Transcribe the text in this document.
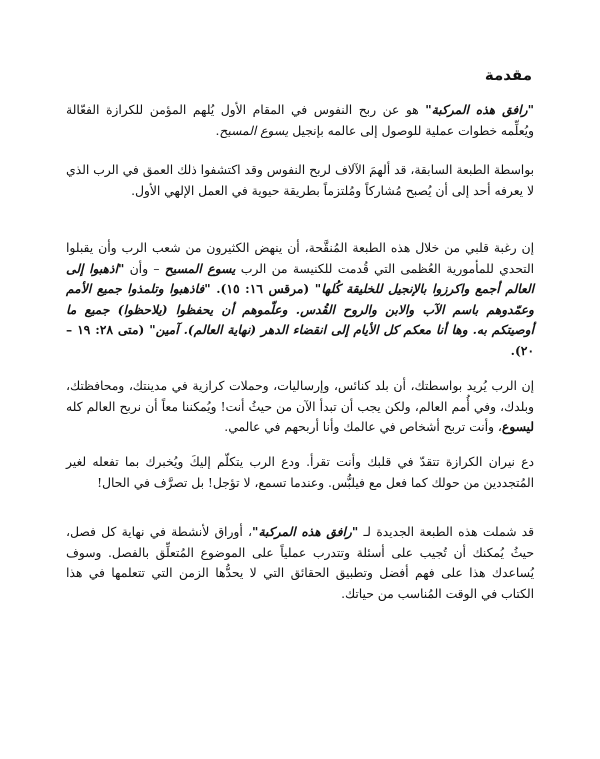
مقدمة

"رافق هذه المركبة" هو عن ربح النفوس في المقام الأول يُلهم المؤمن للكرازة الفعّالة ويُعلِّمه خطوات عملية للوصول إلى عالمه بإنجيل يسوع المسيح.

بواسطة الطبعة السابقة، قد ألهمَ الآلاف لربح النفوس وقد اكتشفوا ذلك العمق في الرب الذي لا يعرفه أحد إلى أن يُصبح مُشاركاً ومُلتزماً بطريقة حيوية في العمل الإلهي الأول.

إن رغبة قلبي من خلال هذه الطبعة المُنقَّحة، أن ينهض الكثيرون من شعب الرب وأن يقبلوا التحدي للمأمورية العُظمى التي قُدمت للكنيسة من الرب يسوع المسيح – وأن "اذهبوا إلى العالم أجمع واكرزوا بالإنجيل للخليقة كُلها" (مرقس ١٦: ١٥). "فاذهبوا وتلمذوا جميع الأمم وعمّدوهم باسم الآب والابن والروح القُدس. وعلّموهم أن يحفظوا (يلاحظوا) جميع ما أوصيتكم به. وها أنا معكم كل الأيام إلى انقضاء الدهر (نهاية العالم). آمين" (متى ٢٨: ١٩ – ٢٠).

إن الرب يُريد بواسطتك، أن بلد كنائس، وإرساليات، وحملات كرازية في مدينتك، ومحافظتك، وبلدك، وفي أُمم العالم، ولكن يجب أن تبدأ الآن من حيثُ أنت! ويُمكننا معاً أن نربح العالم كله ليسوع، وأنت تربح أشخاص في عالمك وأنا أربحهم في عالمي.

دع نيران الكرازة تتقدّ في قلبك وأنت تقرأ. ودع الرب يتكلّم إليكَ ويُخبرك بما تفعله لغير المُتجددين من حولك كما فعل مع فيلبُّس. وعندما تسمع، لا تؤجل! بل تصرَّف في الحال!

قد شملت هذه الطبعة الجديدة لـ "رافق هذه المركبة"، أوراق لأنشطة في نهاية كل فصل، حيثُ يُمكنك أن تُجيب على أسئلة وتتدرب عملياً على الموضوع المُتعلِّق بالفصل. وسوف يُساعدك هذا على فهم أفضل وتطبيق الحقائق التي لا يحدُّها الزمن التي تتعلمها في هذا الكتاب في الوقت المُناسب من حياتك.
